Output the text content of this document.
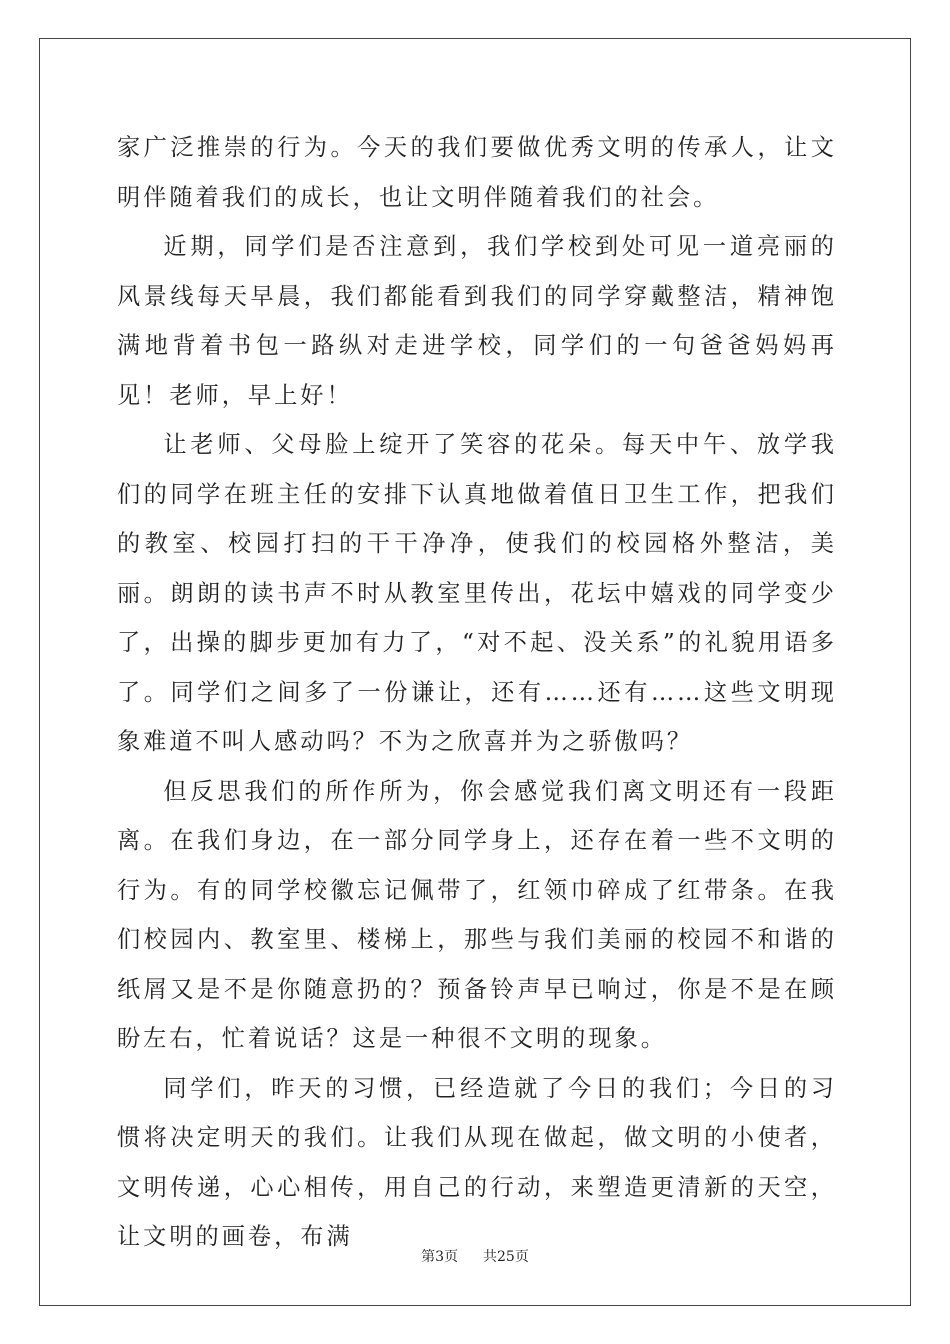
家广泛推崇的行为。今天的我们要做优秀文明的传承人，让文明伴随着我们的成长，也让文明伴随着我们的社会。

近期，同学们是否注意到，我们学校到处可见一道亮丽的风景线每天早晨，我们都能看到我们的同学穿戴整洁，精神饱满地背着书包一路纵对走进学校，同学们的一句爸爸妈妈再见！老师，早上好！

让老师、父母脸上绽开了笑容的花朵。每天中午、放学我们的同学在班主任的安排下认真地做着值日卫生工作，把我们的教室、校园打扫的干干净净，使我们的校园格外整洁，美丽。朗朗的读书声不时从教室里传出，花坛中嬉戏的同学变少了，出操的脚步更加有力了，“对不起、没关系”的礼貌用语多了。同学们之间多了一份谦让，还有……还有……这些文明现象难道不叫人感动吗？不为之欣喜并为之骄傲吗？

但反思我们的所作所为，你会感觉我们离文明还有一段距离。在我们身边，在一部分同学身上，还存在着一些不文明的行为。有的同学校徽忘记佩带了，红领巾碎成了红带条。在我们校园内、教室里、楼梯上，那些与我们美丽的校园不和谐的纸屑又是不是你随意扔的？预备铃声早已响过，你是不是在顾盼左右，忙着说话？这是一种很不文明的现象。

同学们，昨天的习惯，已经造就了今日的我们；今日的习惯将决定明天的我们。让我们从现在做起，做文明的小使者，文明传递，心心相传，用自己的行动，来塑造更清新的天空，让文明的画卷，布满

第3页 共25页
